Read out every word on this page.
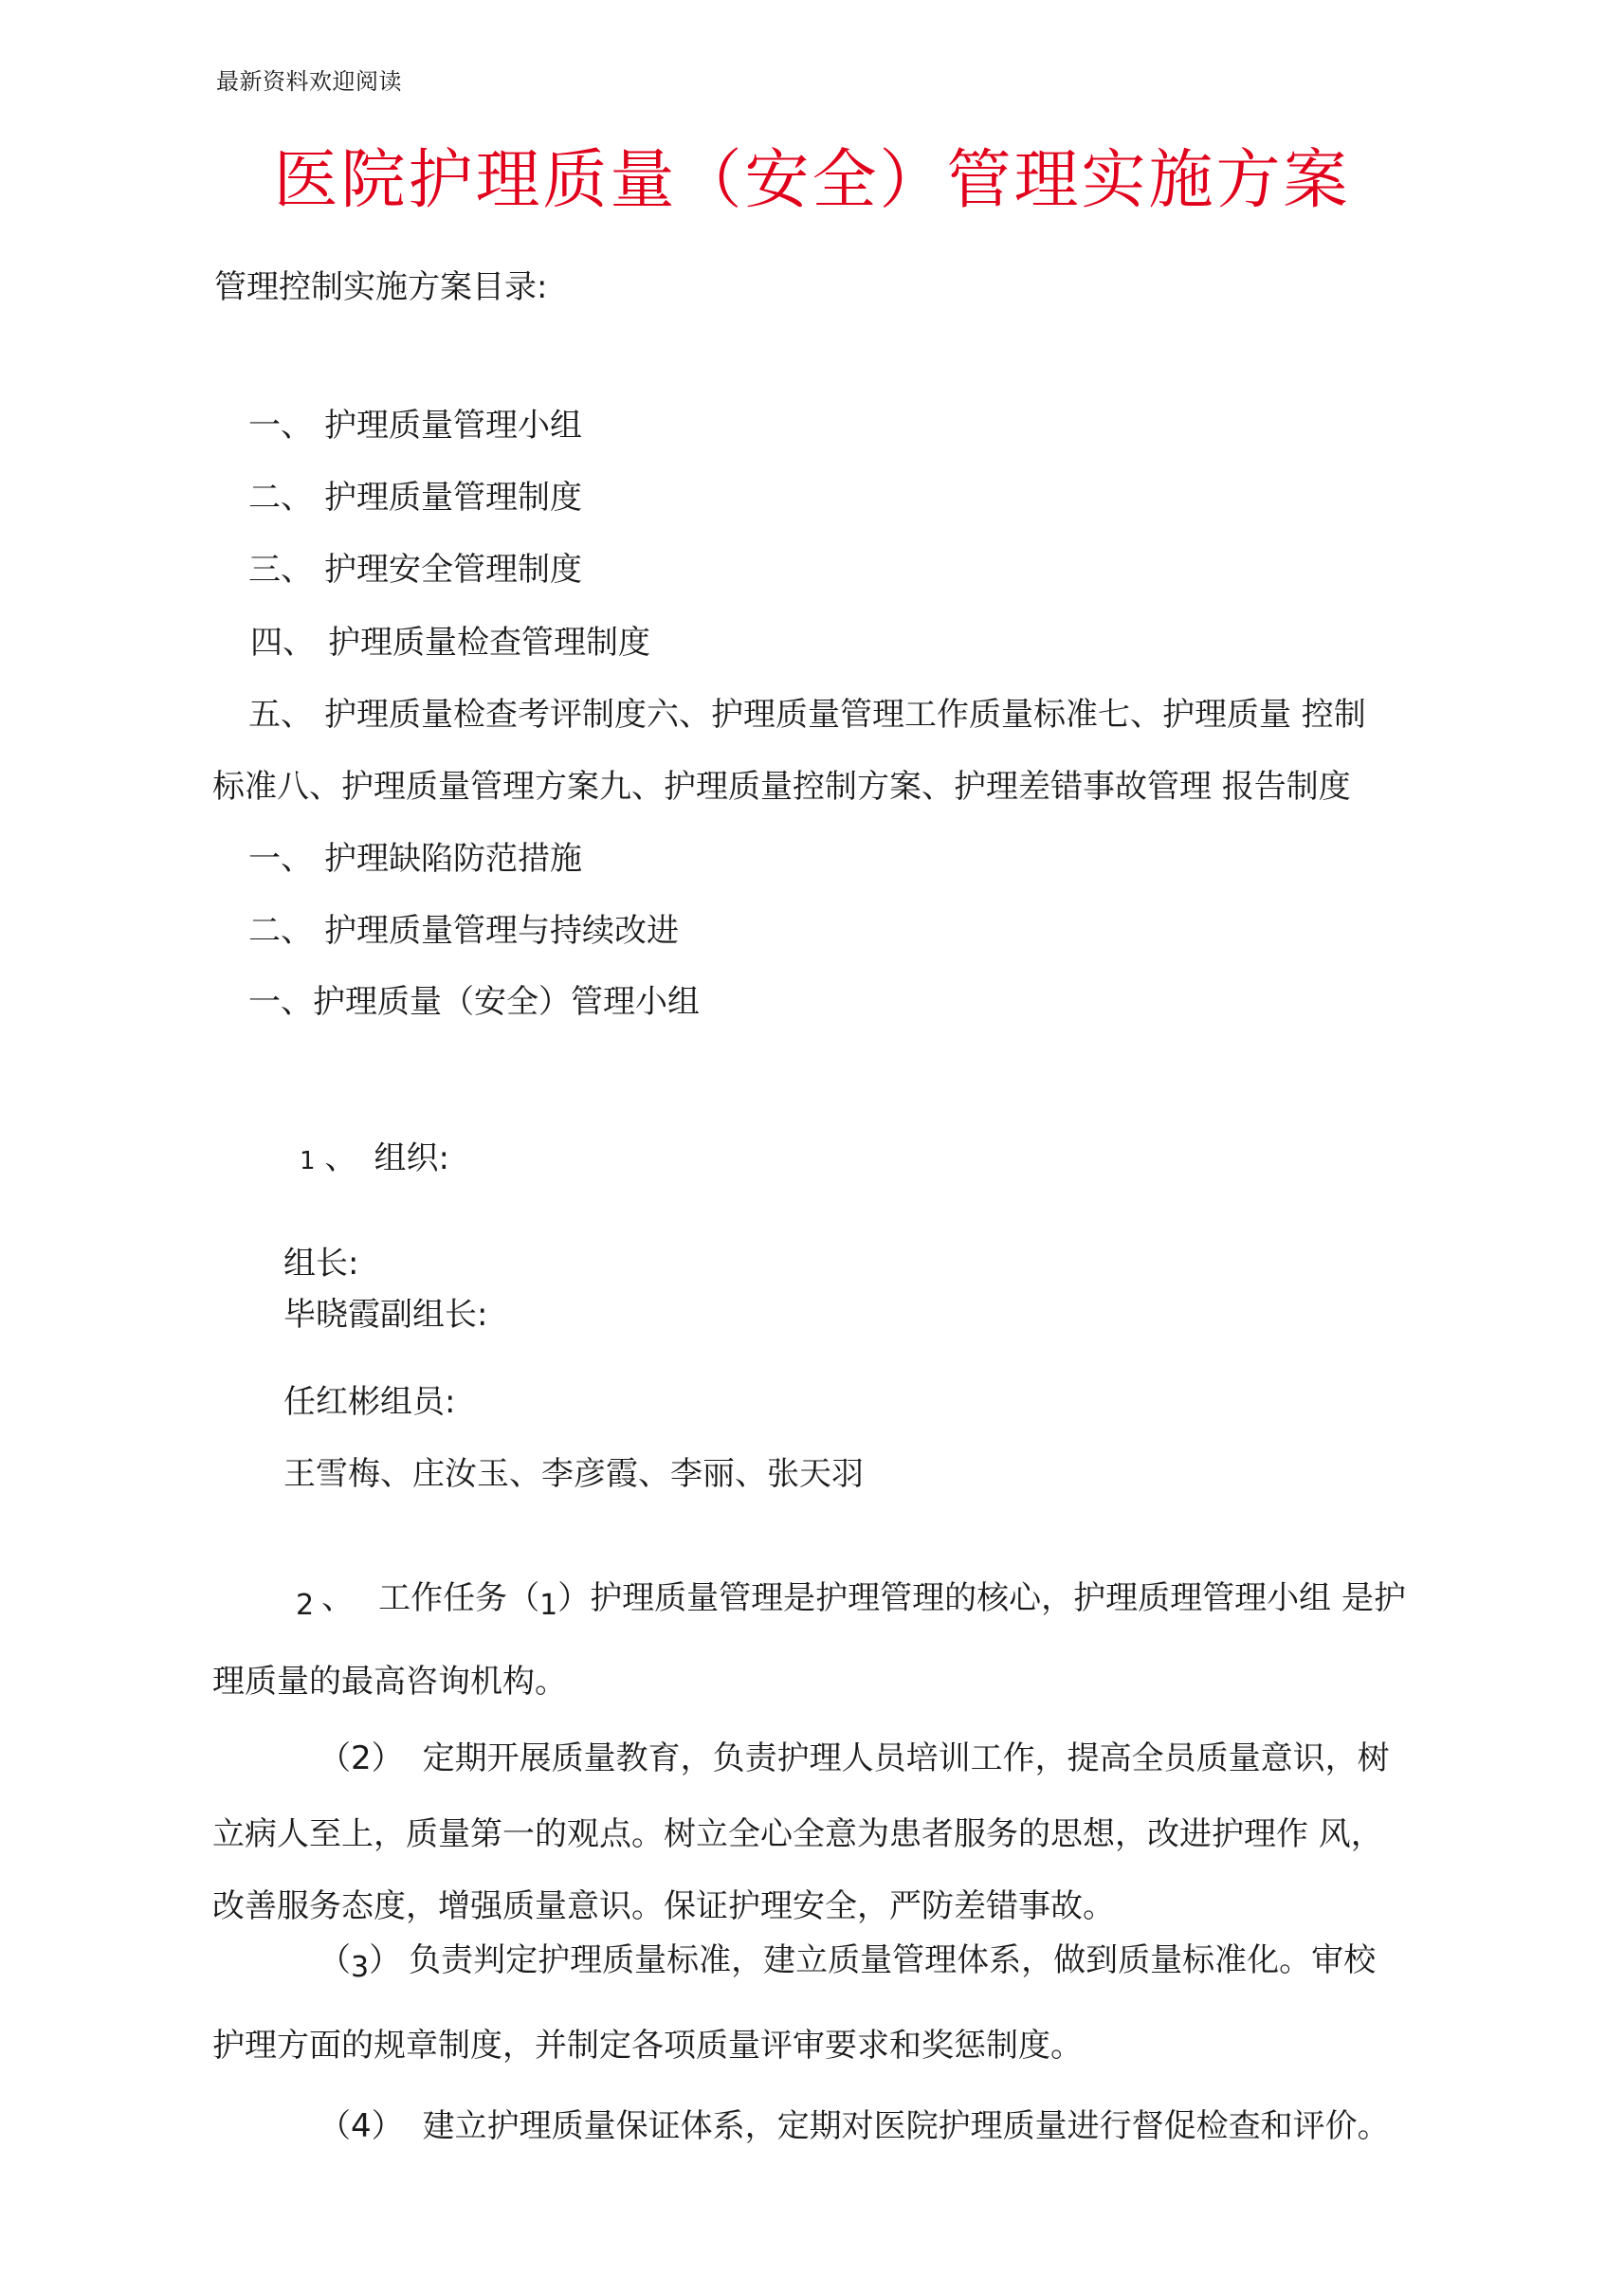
最新资料欢迎阅读
医院护理质量（安全）管理实施方案
管理控制实施方案目录:
一、 护理质量管理小组
二、 护理质量管理制度
三、 护理安全管理制度
四、 护理质量检查管理制度
五、 护理质量检查考评制度六、护理质量管理工作质量标准七、护理质量 控制
标准八、护理质量管理方案九、护理质量控制方案、护理差错事故管理 报告制度
一、 护理缺陷防范措施
二、 护理质量管理与持续改进
一、护理质量（安全）管理小组
1 、 组织:
组长:
毕晓霞副组长:
任红彬组员:
王雪梅、庄汝玉、李彦霞、李丽、张天羽
2 、 工作任务（1）护理质量管理是护理管理的核心，护理质理管理小组 是护
理质量的最高咨询机构。
（2） 定期开展质量教育，负责护理人员培训工作，提高全员质量意识，树
立病人至上，质量第一的观点。树立全心全意为患者服务的思想，改进护理作 风，
改善服务态度，增强质量意识。保证护理安全，严防差错事故。
（3） 负责判定护理质量标准，建立质量管理体系，做到质量标准化。审校
护理方面的规章制度，并制定各项质量评审要求和奖惩制度。
（4） 建立护理质量保证体系，定期对医院护理质量进行督促检查和评价。
